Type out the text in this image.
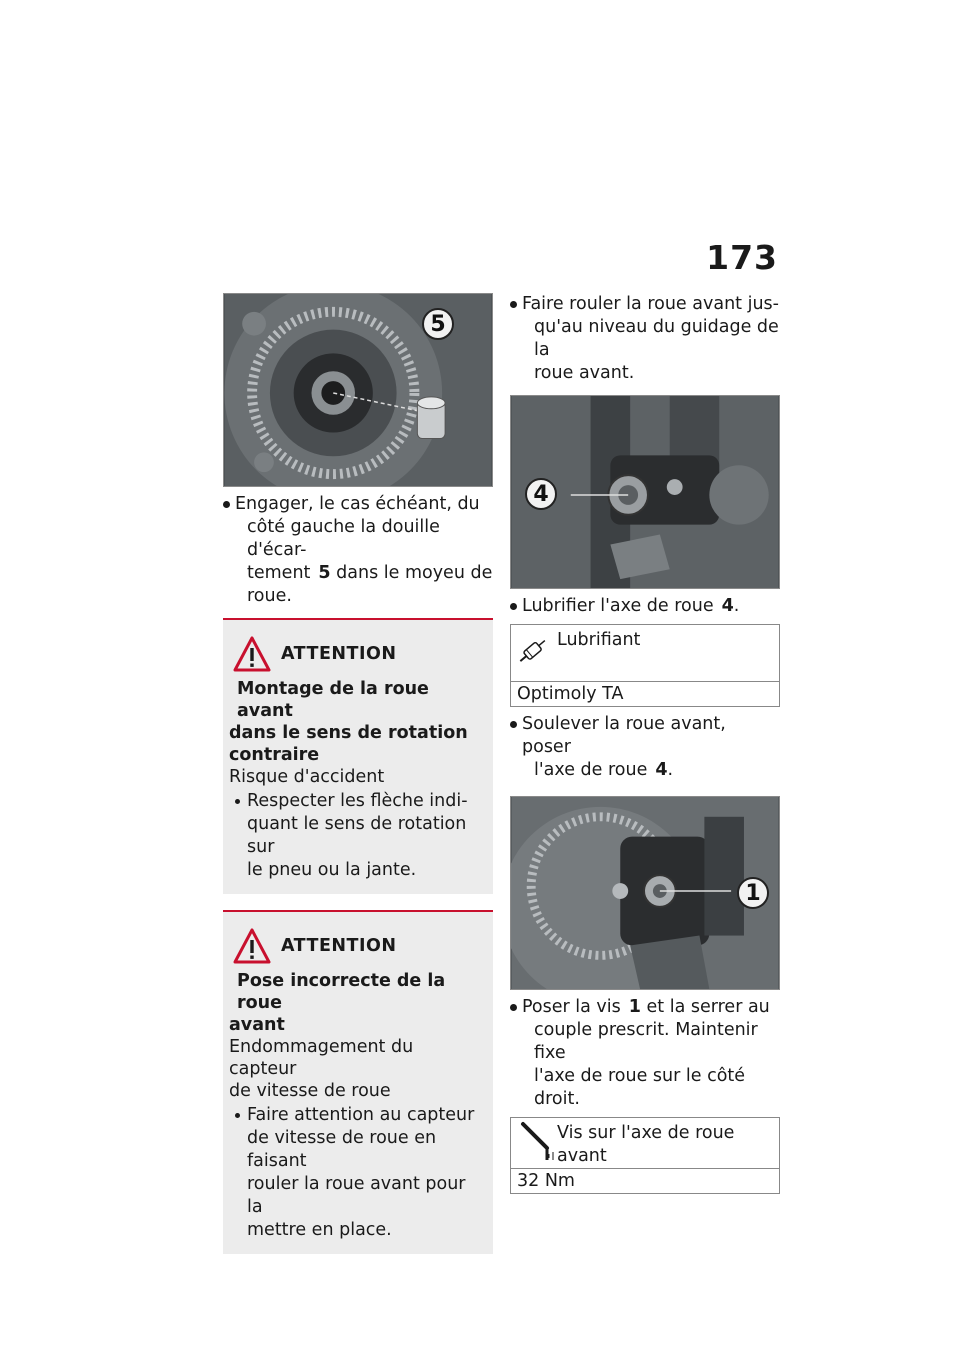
173
5
Engager, le cas échéant, du

côté gauche la douille d'écar-
tement 5 dans le moyeu de
roue.
ATTENTION
Montage de la roue avant
dans le sens de rotation
contraire
Risque d'accident
Respecter les flèche indi-
quant le sens de rotation sur
le pneu ou la jante.
ATTENTION
Pose incorrecte de la roue
avant
Endommagement du capteur
de vitesse de roue
Faire attention au capteur
de vitesse de roue en faisant
rouler la roue avant pour la
mettre en place.
Faire rouler la roue avant jus-

qu'au niveau du guidage de la
roue avant.
4
Lubrifier l'axe de roue 4.
Lubrifiant
Optimoly TA
Soulever la roue avant, poser

l'axe de roue 4.
1
Poser la vis 1 et la serrer au

couple prescrit. Maintenir fixe
l'axe de roue sur le côté droit.
Vis sur l'axe de roue
avant
32 Nm
